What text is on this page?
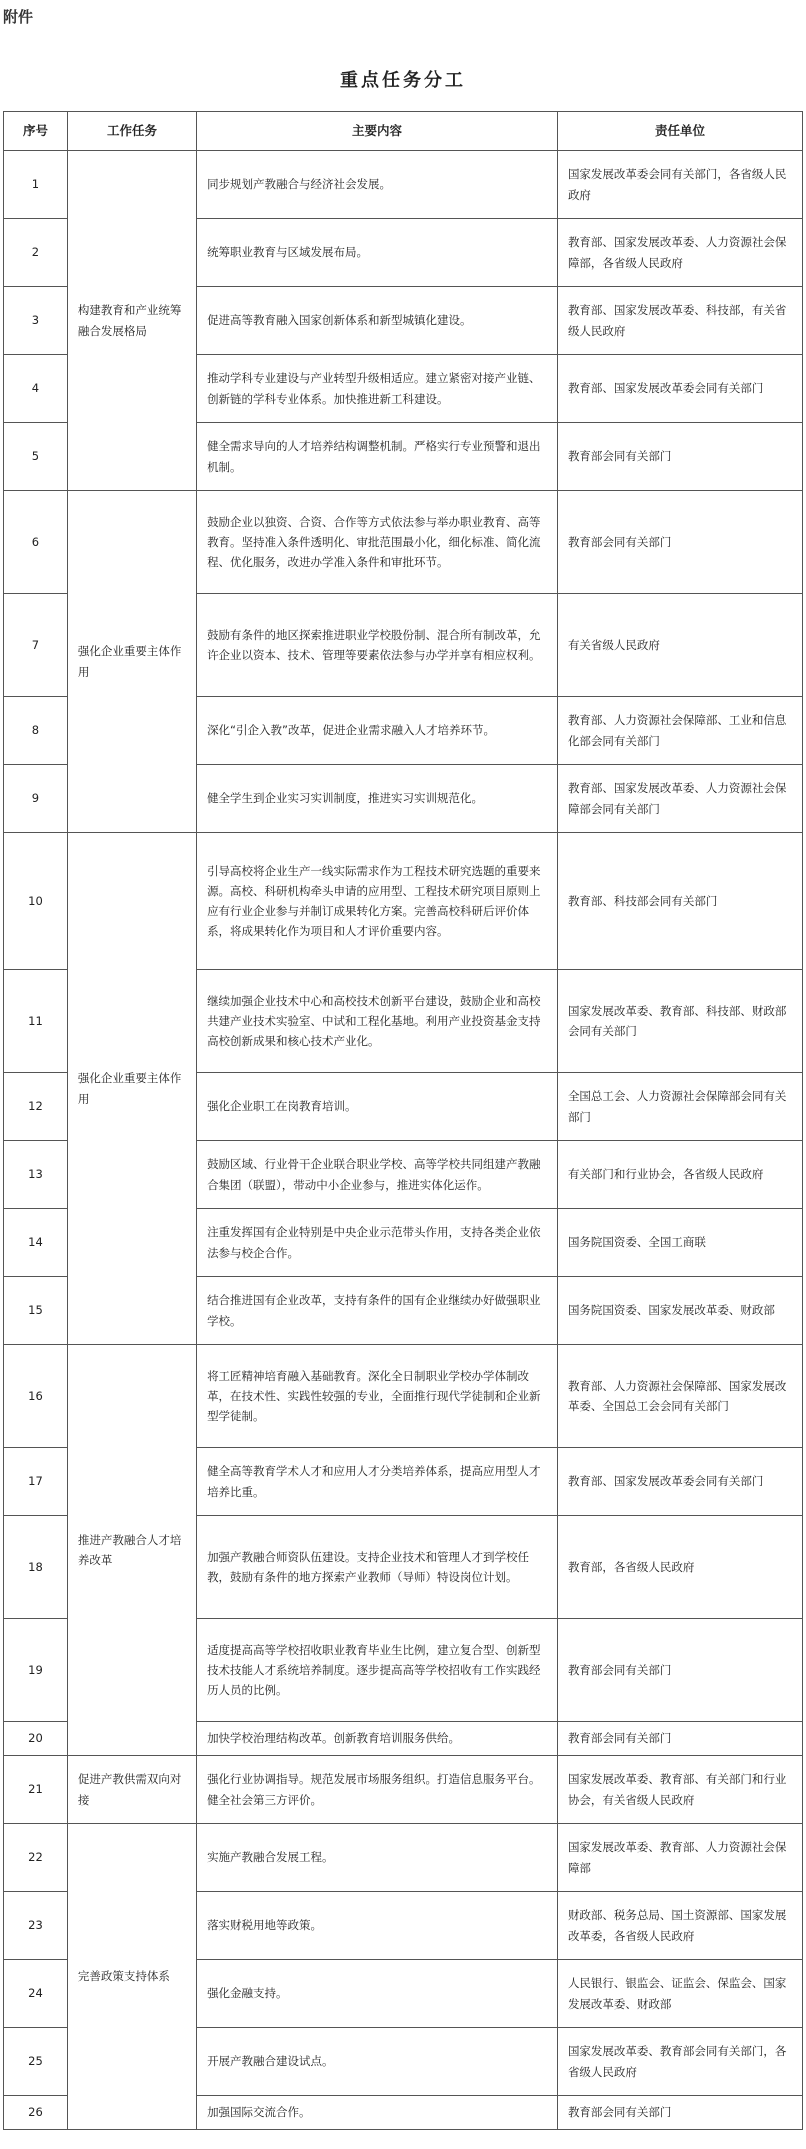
附件
重点任务分工
序号	工作任务	主要内容	责任单位
1	构建教育和产业统筹融合发展格局	同步规划产教融合与经济社会发展。	国家发展改革委会同有关部门，各省级人民政府
2		统筹职业教育与区域发展布局。	教育部、国家发展改革委、人力资源社会保障部，各省级人民政府
3		促进高等教育融入国家创新体系和新型城镇化建设。	教育部、国家发展改革委、科技部，有关省级人民政府
4		推动学科专业建设与产业转型升级相适应。建立紧密对接产业链、创新链的学科专业体系。加快推进新工科建设。	教育部、国家发展改革委会同有关部门
5		健全需求导向的人才培养结构调整机制。严格实行专业预警和退出机制。	教育部会同有关部门
6	强化企业重要主体作用	鼓励企业以独资、合资、合作等方式依法参与举办职业教育、高等教育。坚持准入条件透明化、审批范围最小化，细化标准、简化流程、优化服务，改进办学准入条件和审批环节。	教育部会同有关部门
7		鼓励有条件的地区探索推进职业学校股份制、混合所有制改革，允许企业以资本、技术、管理等要素依法参与办学并享有相应权利。	有关省级人民政府
8		深化“引企入教”改革，促进企业需求融入人才培养环节。	教育部、人力资源社会保障部、工业和信息化部会同有关部门
9		健全学生到企业实习实训制度，推进实习实训规范化。	教育部、国家发展改革委、人力资源社会保障部会同有关部门
10	强化企业重要主体作用	引导高校将企业生产一线实际需求作为工程技术研究选题的重要来源。高校、科研机构牵头申请的应用型、工程技术研究项目原则上应有行业企业参与并制订成果转化方案。完善高校科研后评价体系，将成果转化作为项目和人才评价重要内容。	教育部、科技部会同有关部门
11		继续加强企业技术中心和高校技术创新平台建设，鼓励企业和高校共建产业技术实验室、中试和工程化基地。利用产业投资基金支持高校创新成果和核心技术产业化。	国家发展改革委、教育部、科技部、财政部会同有关部门
12		强化企业职工在岗教育培训。	全国总工会、人力资源社会保障部会同有关部门
13		鼓励区域、行业骨干企业联合职业学校、高等学校共同组建产教融合集团（联盟），带动中小企业参与，推进实体化运作。	有关部门和行业协会，各省级人民政府
14		注重发挥国有企业特别是中央企业示范带头作用，支持各类企业依法参与校企合作。	国务院国资委、全国工商联
15		结合推进国有企业改革，支持有条件的国有企业继续办好做强职业学校。	国务院国资委、国家发展改革委、财政部
16	推进产教融合人才培养改革	将工匠精神培育融入基础教育。深化全日制职业学校办学体制改革，在技术性、实践性较强的专业，全面推行现代学徒制和企业新型学徒制。	教育部、人力资源社会保障部、国家发展改革委、全国总工会会同有关部门
17		健全高等教育学术人才和应用人才分类培养体系，提高应用型人才培养比重。	教育部、国家发展改革委会同有关部门
18		加强产教融合师资队伍建设。支持企业技术和管理人才到学校任教，鼓励有条件的地方探索产业教师（导师）特设岗位计划。	教育部，各省级人民政府
19		适度提高高等学校招收职业教育毕业生比例，建立复合型、创新型技术技能人才系统培养制度。逐步提高高等学校招收有工作实践经历人员的比例。	教育部会同有关部门
20		加快学校治理结构改革。创新教育培训服务供给。	教育部会同有关部门
21	促进产教供需双向对接	强化行业协调指导。规范发展市场服务组织。打造信息服务平台。健全社会第三方评价。	国家发展改革委、教育部、有关部门和行业协会，有关省级人民政府
22	完善政策支持体系	实施产教融合发展工程。	国家发展改革委、教育部、人力资源社会保障部
23		落实财税用地等政策。	财政部、税务总局、国土资源部、国家发展改革委，各省级人民政府
24		强化金融支持。	人民银行、银监会、证监会、保监会、国家发展改革委、财政部
25		开展产教融合建设试点。	国家发展改革委、教育部会同有关部门，各省级人民政府
26		加强国际交流合作。	教育部会同有关部门
